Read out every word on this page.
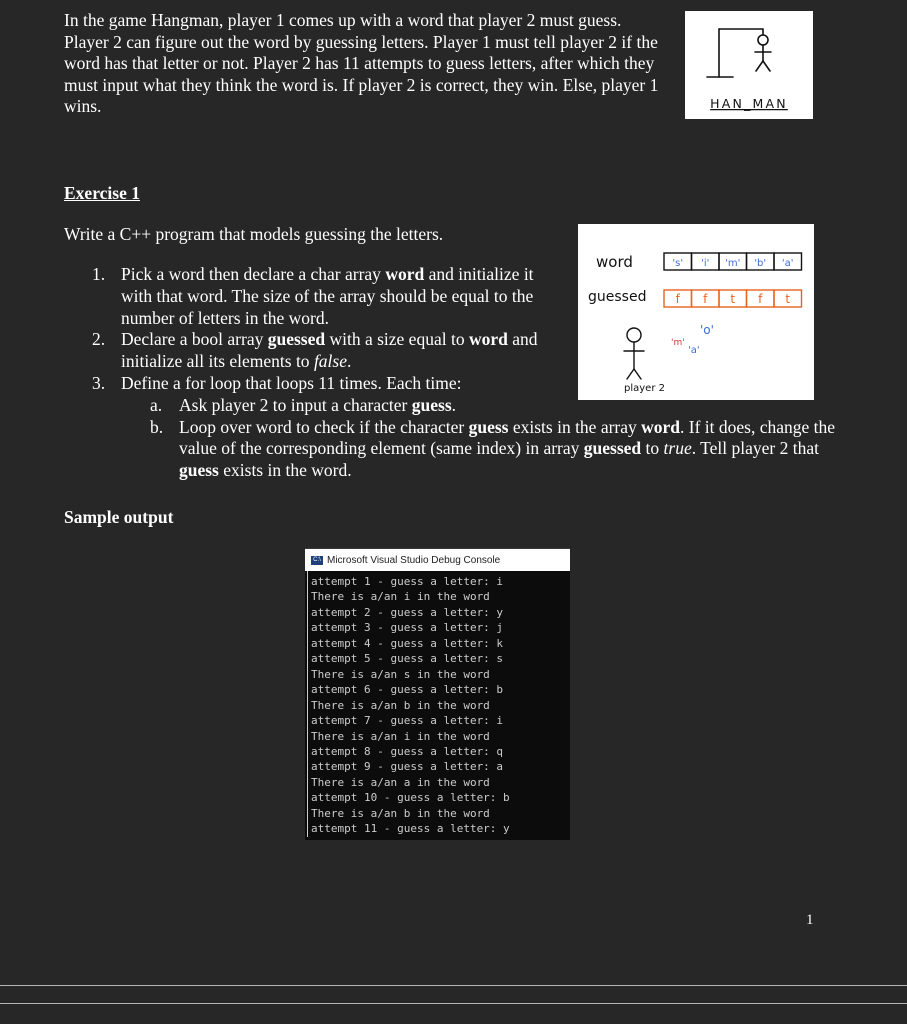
In the game Hangman, player 1 comes up with a word that player 2 must guess. Player 2 can figure out the word by guessing letters. Player 1 must tell player 2 if the word has that letter or not. Player 2 has 11 attempts to guess letters, after which they must input what they think the word is. If player 2 is correct, they win. Else, player 1 wins.	HAN_MAN
Exercise 1
Write a C++ program that models guessing the letters.
1. Pick a word then declare a char array word and initialize it with that word. The size of the array should be equal to the number of letters in the word.
2. Declare a bool array guessed with a size equal to word and initialize all its elements to false.
3. Define a for loop that loops 11 times. Each time:
a. Ask player 2 to input a character guess.
b. Loop over word to check if the character guess exists in the array word. If it does, change the value of the corresponding element (same index) in array guessed to true. Tell player 2 that guess exists in the word.
word
guessed
's' 'i' 'm' 'b' 'a'
f f t f t
'm'
'o'
'a'
player 2
Sample output
C:\ Microsoft Visual Studio Debug Console
attempt 1 - guess a letter: i
There is a/an i in the word
attempt 2 - guess a letter: y
attempt 3 - guess a letter: j
attempt 4 - guess a letter: k
attempt 5 - guess a letter: s
There is a/an s in the word
attempt 6 - guess a letter: b
There is a/an b in the word
attempt 7 - guess a letter: i
There is a/an i in the word
attempt 8 - guess a letter: q
attempt 9 - guess a letter: a
There is a/an a in the word
attempt 10 - guess a letter: b
There is a/an b in the word
attempt 11 - guess a letter: y
1
